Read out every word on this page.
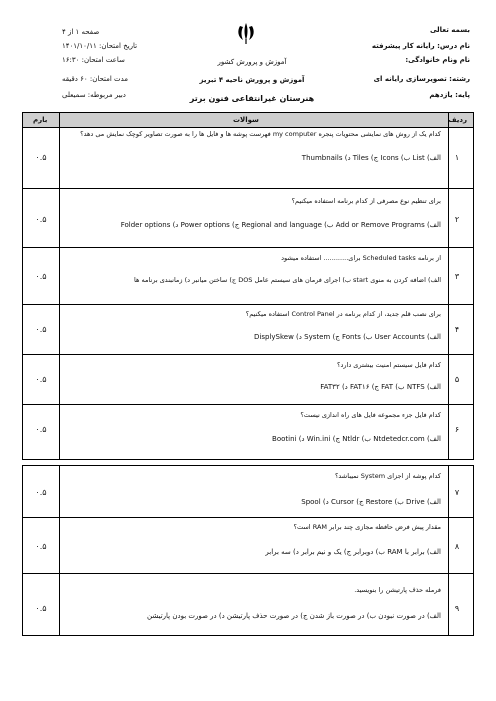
بسمه تعالی
نام درس: رایانه کار پیشرفته
نام ونام خانوادگی:
رشته: تصویرسازی رایانه ای
پایه: یازدهم
صفحه ۱ از ۴
تاریخ امتحان: ۱۴۰۱/۱۰/۱۱
ساعت امتحان: ۱۶:۳۰
مدت امتحان: ۶۰ دقیقه
دبیر مربوطه: سمیعلی
آموزش و پرورش کشور
آموزش و پرورش ناحیه ۴ تبریز
هنرستان غیرانتفاعی فنون برتر
ردیف
سوالات
بارم
کدام یک از روش های نمایشی محتویات پنجره my computer فهرست پوشه ها و فایل ها را به صورت تصاویر کوچک نمایش می دهد؟
الف) List ب) Icons ج) Tiles د) Thumbnails	۱
۰.۵
برای تنظیم نوع مصرفی از کدام برنامه استفاده میکنیم؟
الف) Add or Remove Programs ب) Regional and language ج) Power options د) Folder options
۲
۰.۵
از برنامه Scheduled tasks برای............ استفاده میشود
الف) اضافه کردن به منوی start ب) اجرای فرمان های سیستم عامل DOS ج) ساختن میانبر د) زمانبندی برنامه ها	۳
۰.۵
برای نصب قلم جدید، از کدام برنامه در Control Panel استفاده میکنیم؟
الف) User Accounts ب) Fonts ج) System د) DisplySkew
۴
۰.۵
کدام فایل سیستم امنیت بیشتری دارد؟
الف) NTFS ب) FAT ج) FAT۱۶ د) FAT۳۲
۵
۰.۵
کدام فایل جزء مجموعه فایل های راه اندازی نیست؟
الف) Ntdetedcr.com ب) Ntldr ج) Win.ini د) Bootini
۶
۰.۵
کدام پوشه از اجزای System نمیباشد؟
الف) Drive ب) Restore ج) Cursor د) Spool
۷
۰.۵
مقدار پیش فرض حافظه مجازی چند برابر RAM است؟
الف) برابر با RAM ب) دوبرابر ج) یک و نیم برابر د) سه برابر
۸
۰.۵
فرمله حذف پارتیشن را بنویسید.
الف) در صورت نبودن ب) در صورت باز شدن ج) در صورت حذف پارتیشن د) در صورت بودن پارتیشن
۹
۰.۵
